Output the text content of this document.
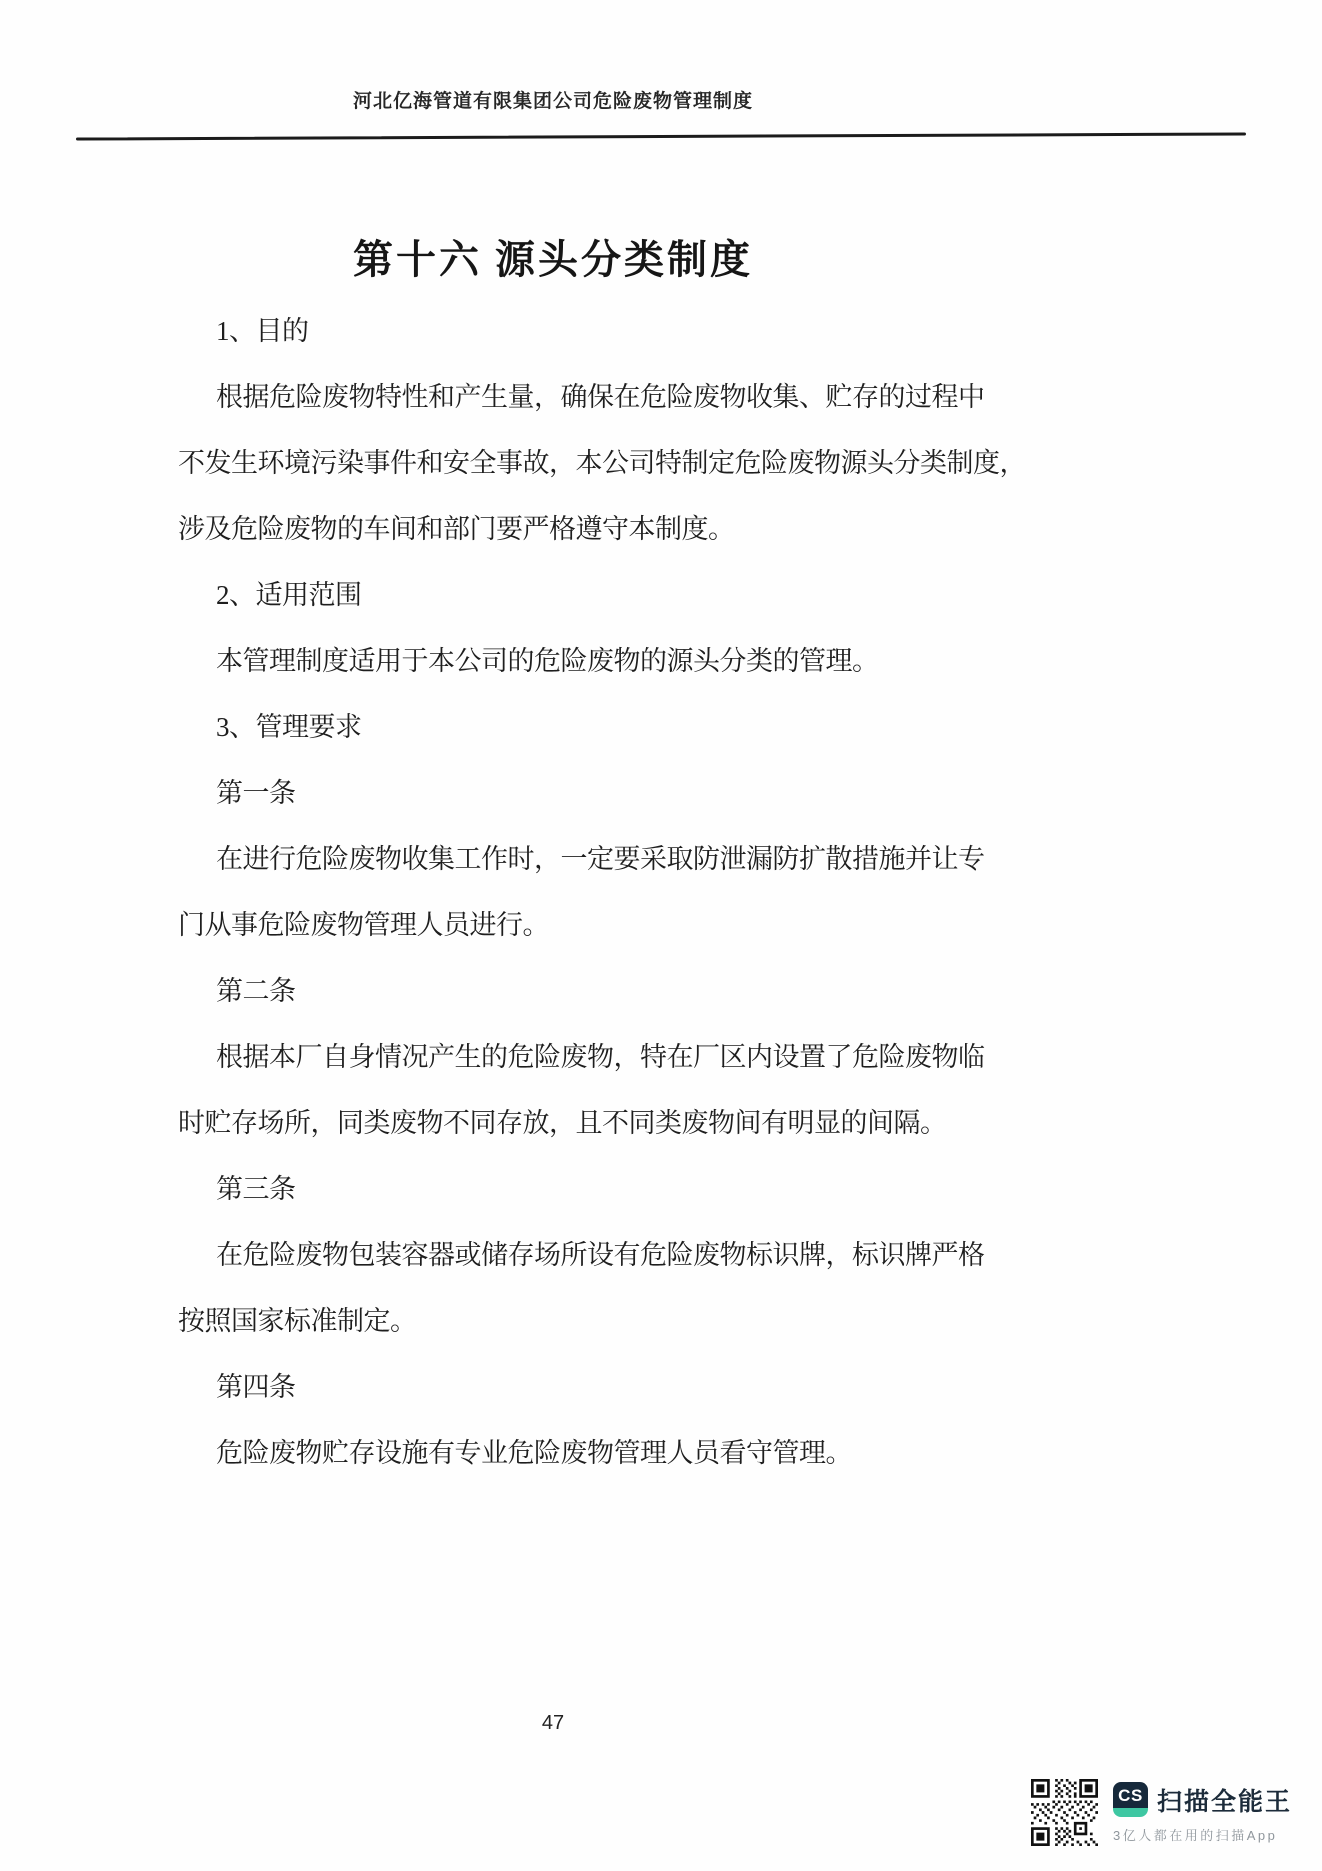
河北亿海管道有限集团公司危险废物管理制度
第十六 源头分类制度
1、目的
根据危险废物特性和产生量，确保在危险废物收集、贮存的过程中
不发生环境污染事件和安全事故，本公司特制定危险废物源头分类制度，
涉及危险废物的车间和部门要严格遵守本制度。
2、适用范围
本管理制度适用于本公司的危险废物的源头分类的管理。
3、管理要求
第一条
在进行危险废物收集工作时，一定要采取防泄漏防扩散措施并让专
门从事危险废物管理人员进行。
第二条
根据本厂自身情况产生的危险废物，特在厂区内设置了危险废物临
时贮存场所，同类废物不同存放，且不同类废物间有明显的间隔。
第三条
在危险废物包装容器或储存场所设有危险废物标识牌，标识牌严格
按照国家标准制定。
第四条
危险废物贮存设施有专业危险废物管理人员看守管理。
47
CS 扫描全能王
3亿人都在用的扫描App
